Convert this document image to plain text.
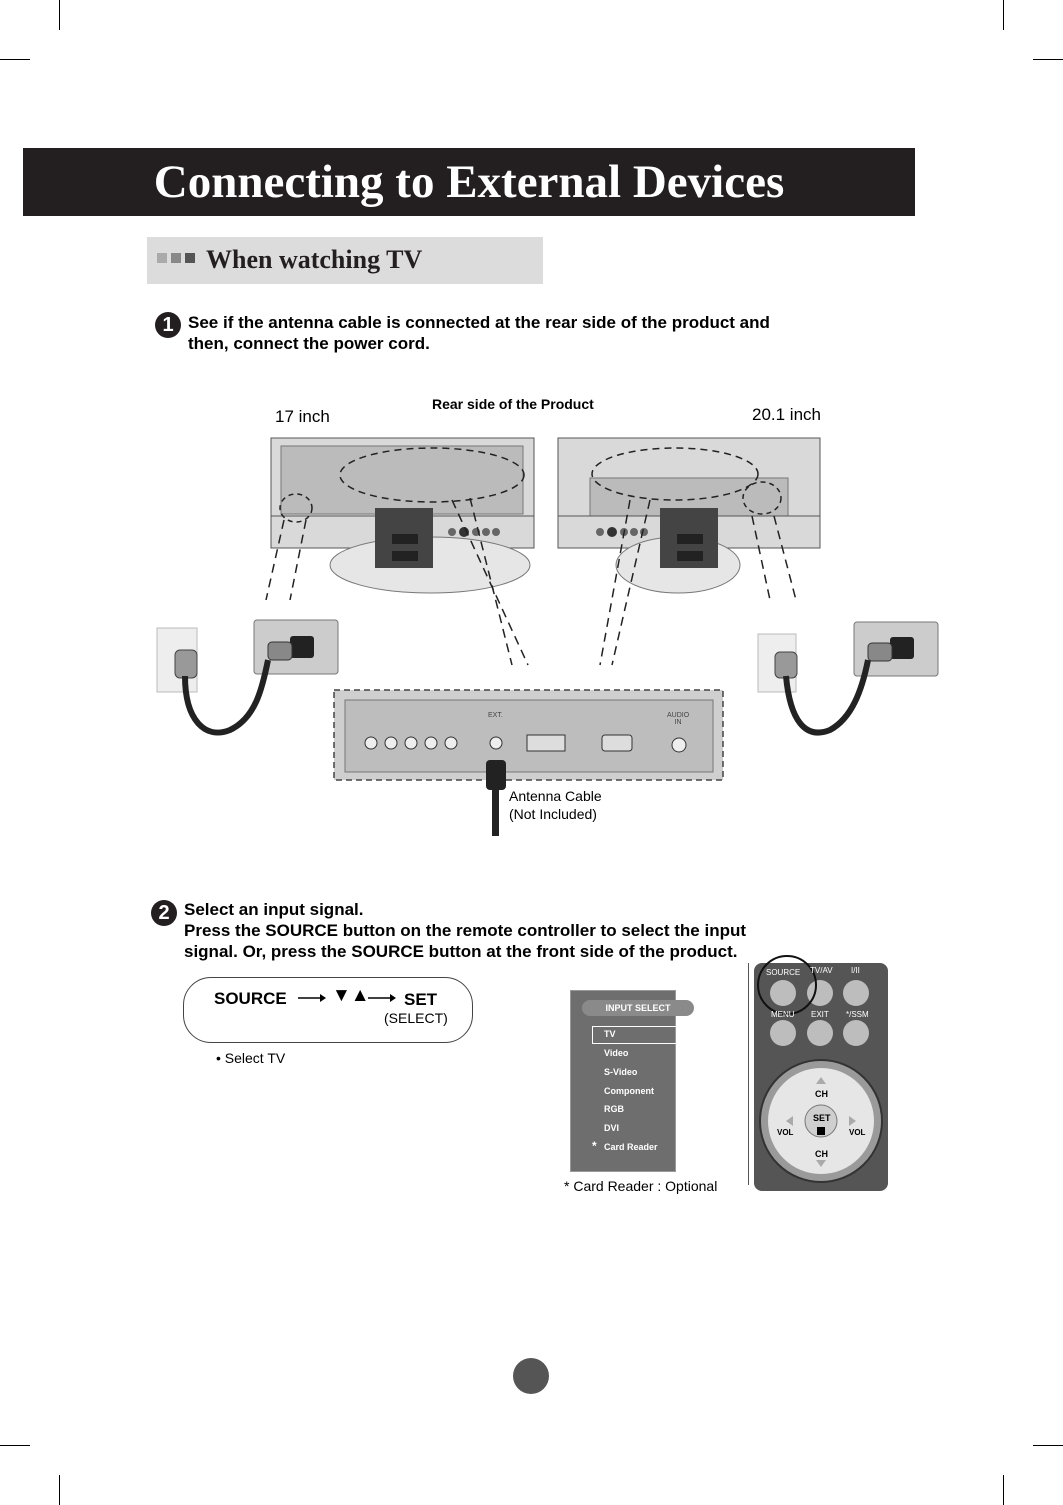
Connecting to External Devices
When watching TV
1 See if the antenna cable is connected at the rear side of the product and
then, connect the power cord.
Rear side of the Product
17 inch	20.1 inch
EXT.	AUDIO
IN
Antenna Cable
(Not Included)
2 Select an input signal.
Press the SOURCE button on the remote controller to select the input
signal. Or, press the SOURCE button at the front side of the product.
SOURCE ▼▲ SET
(SELECT)
• Select TV
INPUT SELECT
TV
Video
S-Video
Component
RGB
DVI
Card Reader
*
* Card Reader : Optional
SOURCE TV/AV I/II
MENU EXIT */SSM
CH
CH
SET
VOL	VOL
